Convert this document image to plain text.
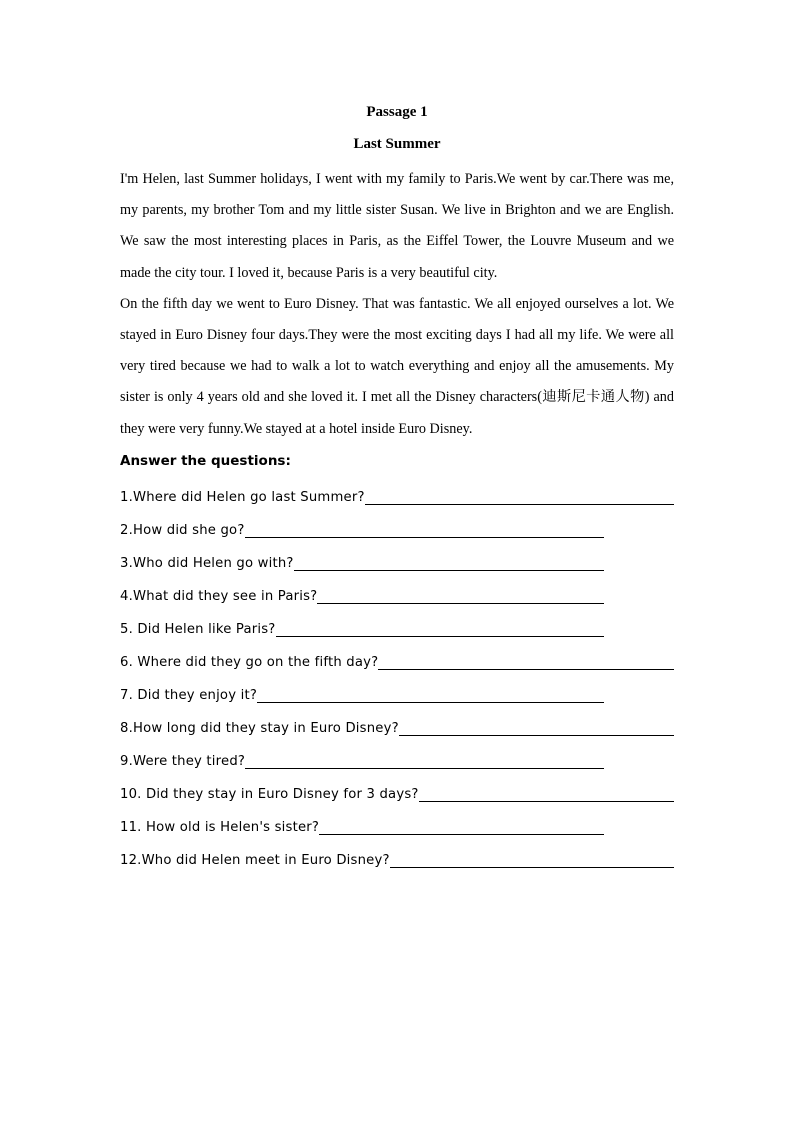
Passage 1
Last Summer

I'm Helen, last Summer holidays, I went with my family to Paris.We went by car.There was me, my parents, my brother Tom and my little sister Susan. We live in Brighton and we are English. We saw the most interesting places in Paris, as the Eiffel Tower, the Louvre Museum and we made the city tour. I loved it, because Paris is a very beautiful city.

On the fifth day we went to Euro Disney. That was fantastic. We all enjoyed ourselves a lot. We stayed in Euro Disney four days.They were the most exciting days I had all my life. We were all very tired because we had to walk a lot to watch everything and enjoy all the amusements. My sister is only 4 years old and she loved it. I met all the Disney characters(迪斯尼卡通人物) and they were very funny.We stayed at a hotel inside Euro Disney.

Answer the questions:
1.Where did Helen go last Summer?
2.How did she go?
3.Who did Helen go with?
4.What did they see in Paris?
5. Did Helen like Paris?
6. Where did they go on the fifth day?
7. Did they enjoy it?
8.How long did they stay in Euro Disney?
9.Were they tired?
10. Did they stay in Euro Disney for 3 days?
11. How old is Helen's sister?
12.Who did Helen meet in Euro Disney?
